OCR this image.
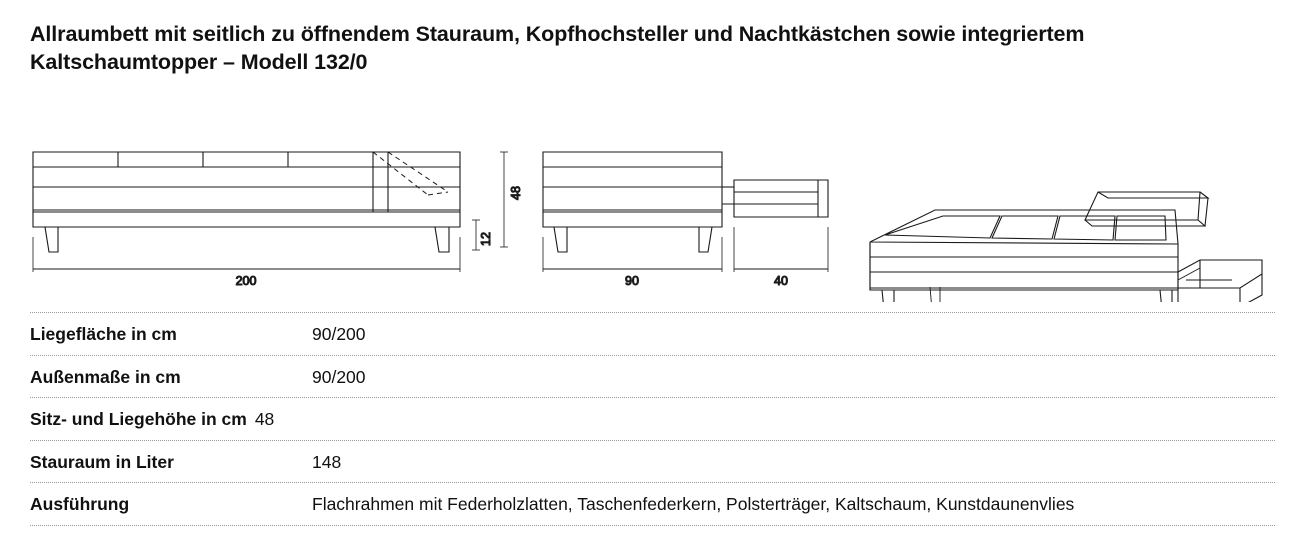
Allraumbett mit seitlich zu öffnendem Stauraum, Kopfhochsteller und Nachtkästchen sowie integriertem Kaltschaumtopper – Modell 132/0
200
48
12
90	40
Liegefläche in cm	90/200
Außenmaße in cm	90/200
Sitz- und Liegehöhe in cm 48
Stauraum in Liter	148
Ausführung	Flachrahmen mit Federholzlatten, Taschenfederkern, Polsterträger, Kaltschaum, Kunstdaunenvlies
